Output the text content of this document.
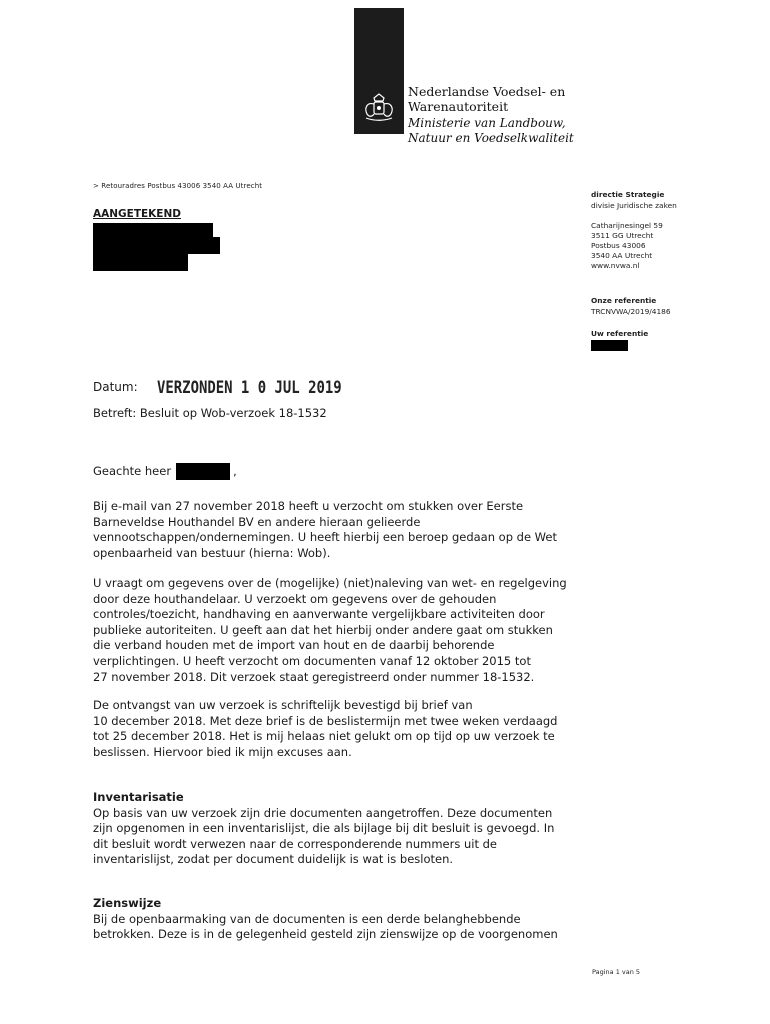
Nederlandse Voedsel- en
Warenautoriteit
Ministerie van Landbouw,
Natuur en Voedselkwaliteit
> Retouradres Postbus 43006 3540 AA Utrecht
AANGETEKEND
directie Strategie
divisie Juridische zaken
Catharijnesingel 59
3511 GG Utrecht
Postbus 43006
3540 AA Utrecht
www.nvwa.nl
Onze referentie
TRCNVWA/2019/4186
Uw referentie
Datum: VERZONDEN 1 0 JUL 2019
Betreft: Besluit op Wob-verzoek 18-1532
Geachte heer	,

Bij e-mail van 27 november 2018 heeft u verzocht om stukken over Eerste

Barneveldse Houthandel BV en andere hieraan gelieerde

vennootschappen/ondernemingen. U heeft hierbij een beroep gedaan op de Wet

openbaarheid van bestuur (hierna: Wob).

U vraagt om gegevens over de (mogelijke) (niet)naleving van wet- en regelgeving

door deze houthandelaar. U verzoekt om gegevens over de gehouden

controles/toezicht, handhaving en aanverwante vergelijkbare activiteiten door

publieke autoriteiten. U geeft aan dat het hierbij onder andere gaat om stukken

die verband houden met de import van hout en de daarbij behorende

verplichtingen. U heeft verzocht om documenten vanaf 12 oktober 2015 tot

27 november 2018. Dit verzoek staat geregistreerd onder nummer 18-1532.

De ontvangst van uw verzoek is schriftelijk bevestigd bij brief van

10 december 2018. Met deze brief is de beslistermijn met twee weken verdaagd

tot 25 december 2018. Het is mij helaas niet gelukt om op tijd op uw verzoek te

beslissen. Hiervoor bied ik mijn excuses aan.

Inventarisatie

Op basis van uw verzoek zijn drie documenten aangetroffen. Deze documenten

zijn opgenomen in een inventarislijst, die als bijlage bij dit besluit is gevoegd. In

dit besluit wordt verwezen naar de corresponderende nummers uit de

inventarislijst, zodat per document duidelijk is wat is besloten.

Zienswijze

Bij de openbaarmaking van de documenten is een derde belanghebbende

betrokken. Deze is in de gelegenheid gesteld zijn zienswijze op de voorgenomen

Pagina 1 van 5
